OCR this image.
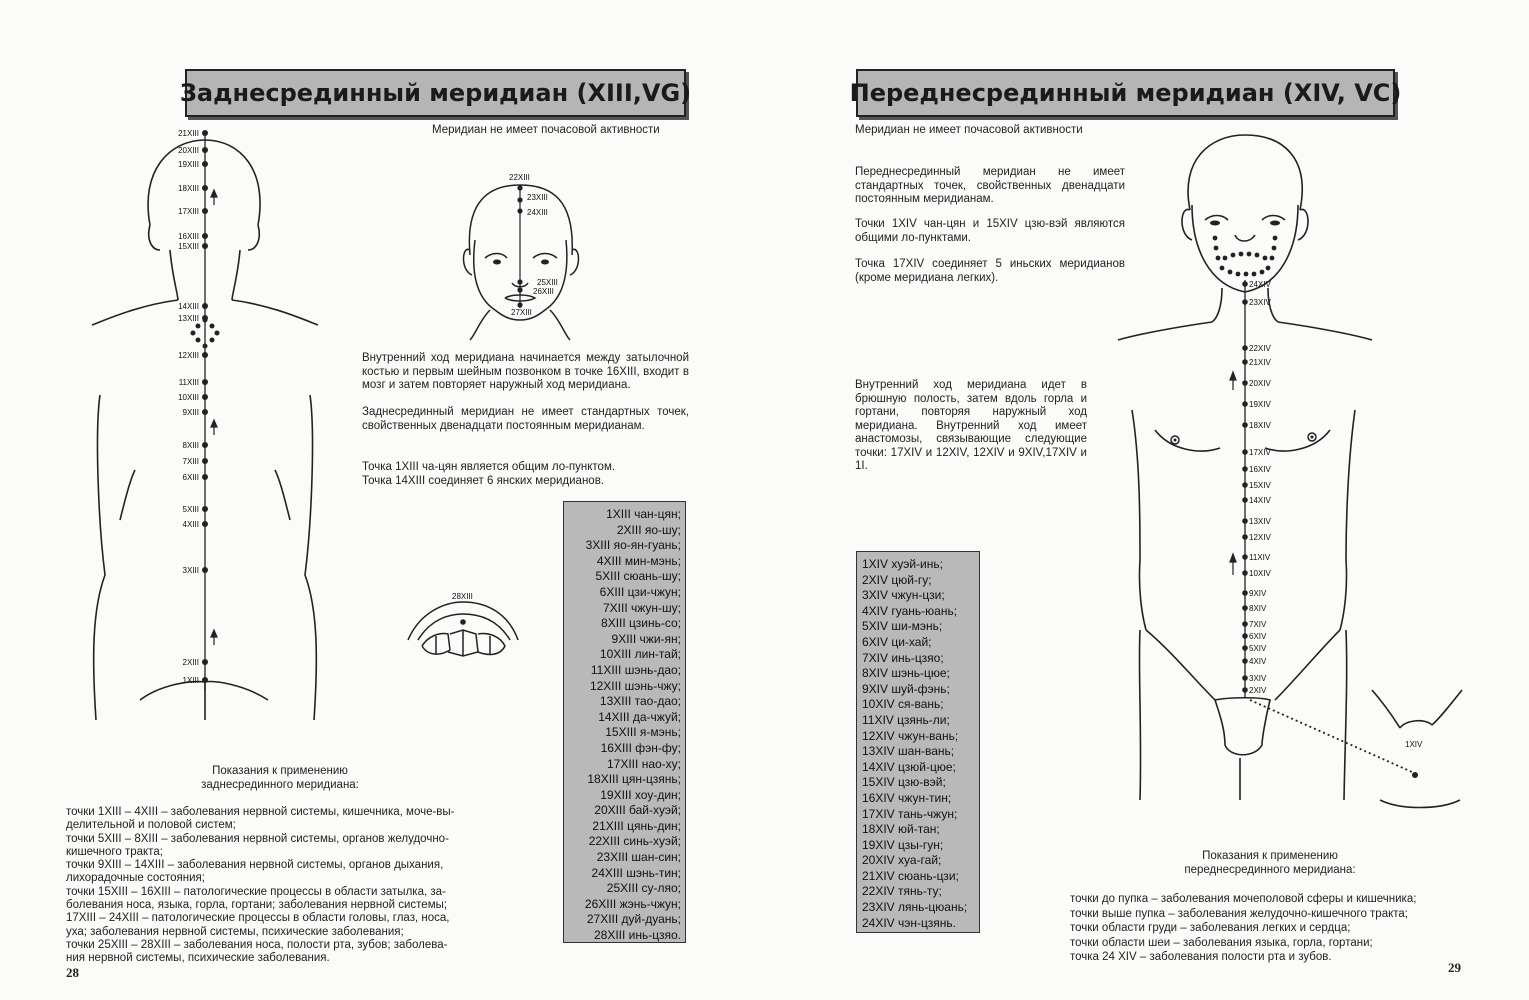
Заднесрединный меридиан (XIII,VG)
Меридиан не имеет почасовой активности
21XIII
20XIII
19XIII
18XIII
17XIII
16XIII
15XIII
14XIII
13XIII
12XIII
11XIII
10XIII
9XIII
8XIII
7XIII
6XIII
5XIII
4XIII
3XIII
2XIII
1XIII
22XIII
23XIII
24XIII
25XIII
26XIII
27XIII
28XIII
Внутренний ход меридиана начинается между затылочной костью и первым шейным позвонком в точке 16XIII, входит в мозг и затем повторяет наружный ход меридиана.
Заднесрединный меридиан не имеет стандартных точек, свойственных двенадцати постоянным меридианам.
Точка 1XIII ча-цян является общим ло-пунктом.
Точка 14XIII соединяет 6 янских меридианов.
1XIII чан-цян;
2XIII яо-шу;
3XIII яо-ян-гуань;
4XIII мин-мэнь;
5XIII сюань-шу;
6XIII цзи-чжун;
7XIII чжун-шу;
8XIII цзинь-со;
9XIII чжи-ян;
10XIII лин-тай;
11XIII шэнь-дао;
12XIII шэнь-чжу;
13XIII тао-дао;
14XIII да-чжуй;
15XIII я-мэнь;
16XIII фэн-фу;
17XIII нао-ху;
18XIII цян-цзянь;
19XIII хоу-дин;
20XIII бай-хуэй;
21XIII цянь-дин;
22XIII синь-хуэй;
23XIII шан-син;
24XIII шэнь-тин;
25XIII су-ляо;
26XIII жэнь-чжун;
27XIII дуй-дуань;
28XIII инь-цзяо.
Показания к применению
заднесрединного меридиана:
точки 1XIII – 4XIII – заболевания нервной системы, кишечника, моче-вы-
делительной и половой систем;
точки 5XIII – 8XIII – заболевания нервной системы, органов желудочно-
кишечного тракта;
точки 9XIII – 14XIII – заболевания нервной системы, органов дыхания,
лихорадочные состояния;
точки 15XIII – 16XIII – патологические процессы в области затылка, за-
болевания носа, языка, горла, гортани; заболевания нервной системы;
17XIII – 24XIII – патологические процессы в области головы, глаз, носа,
уха; заболевания нервной системы, психические заболевания;
точки 25XIII – 28XIII – заболевания носа, полости рта, зубов; заболева-
ния нервной системы, психические заболевания.
28
Переднесрединный меридиан (XIV, VC)
Меридиан не имеет почасовой активности
Переднесрединный меридиан не имеет стандартных точек, свойственных двенадцати постоянным меридианам.
Точки 1XIV чан-цян и 15XIV цзю-вэй являются общими ло-пунктами.
Точка 17XIV соединяет 5 иньских меридианов (кроме меридиана легких).
Внутренний ход меридиана идет в брюшную полость, затем вдоль горла и гортани, повторяя наружный ход меридиана. Внутренний ход имеет анастомозы, связывающие следующие точки: 17XIV и 12XIV, 12XIV и 9XIV,17XIV и 1I.
24XIV
23XIV
22XIV
21XIV
20XIV
19XIV
18XIV
17XIV
16XIV
15XIV
14XIV
13XIV
12XIV
11XIV
10XIV
9XIV
8XIV
7XIV
6XIV
5XIV
4XIV
3XIV
2XIV
1XIV
1XIV хуэй-инь;
2XIV цюй-гу;
3XIV чжун-цзи;
4XIV гуань-юань;
5XIV ши-мэнь;
6XIV ци-хай;
7XIV инь-цзяо;
8XIV шэнь-цюе;
9XIV шуй-фэнь;
10XIV ся-вань;
11XIV цзянь-ли;
12XIV чжун-вань;
13XIV шан-вань;
14XIV цзюй-цюе;
15XIV цзю-вэй;
16XIV чжун-тин;
17XIV тань-чжун;
18XIV юй-тан;
19XIV цзы-гун;
20XIV хуа-гай;
21XIV сюань-цзи;
22XIV тянь-ту;
23XIV лянь-цюань;
24XIV чэн-цзянь.
Показания к применению
переднесрединного меридиана:
точки до пупка – заболевания мочеполовой сферы и кишечника;
точки выше пупка – заболевания желудочно-кишечного тракта;
точки области груди – заболевания легких и сердца;
точки области шеи – заболевания языка, горла, гортани;
точка 24 XIV – заболевания полости рта и зубов.
29
